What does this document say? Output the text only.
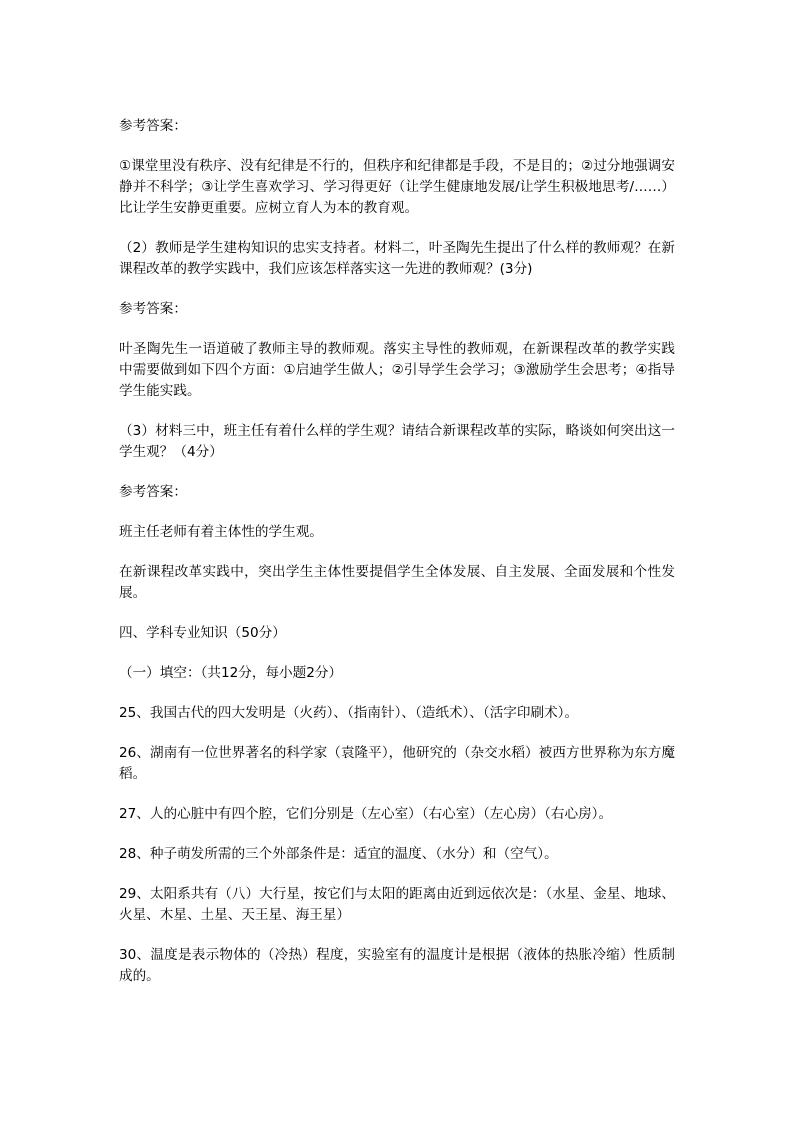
参考答案：

①课堂里没有秩序、没有纪律是不行的，但秩序和纪律都是手段，不是目的；②过分地强调安静并不科学；③让学生喜欢学习、学习得更好（让学生健康地发展/让学生积极地思考/……）比让学生安静更重要。应树立育人为本的教育观。

（2）教师是学生建构知识的忠实支持者。材料二，叶圣陶先生提出了什么样的教师观？在新课程改革的教学实践中，我们应该怎样落实这一先进的教师观？(3分)

参考答案：

叶圣陶先生一语道破了教师主导的教师观。落实主导性的教师观，在新课程改革的教学实践中需要做到如下四个方面：①启迪学生做人；②引导学生会学习；③激励学生会思考；④指导学生能实践。

（3）材料三中，班主任有着什么样的学生观？请结合新课程改革的实际，略谈如何突出这一学生观？（4分）

参考答案：

班主任老师有着主体性的学生观。

在新课程改革实践中，突出学生主体性要提倡学生全体发展、自主发展、全面发展和个性发展。

四、学科专业知识（50分）

（一）填空：（共12分，每小题2分）

25、我国古代的四大发明是（火药）、（指南针）、（造纸术）、（活字印刷术）。

26、湖南有一位世界著名的科学家（袁隆平），他研究的（杂交水稻）被西方世界称为东方魔稻。

27、人的心脏中有四个腔，它们分别是（左心室）（右心室）（左心房）（右心房）。

28、种子萌发所需的三个外部条件是：适宜的温度、（水分）和（空气）。

29、太阳系共有（八）大行星，按它们与太阳的距离由近到远依次是：（水星、金星、地球、火星、木星、土星、天王星、海王星）

30、温度是表示物体的（冷热）程度，实验室有的温度计是根据（液体的热胀冷缩）性质制成的。
